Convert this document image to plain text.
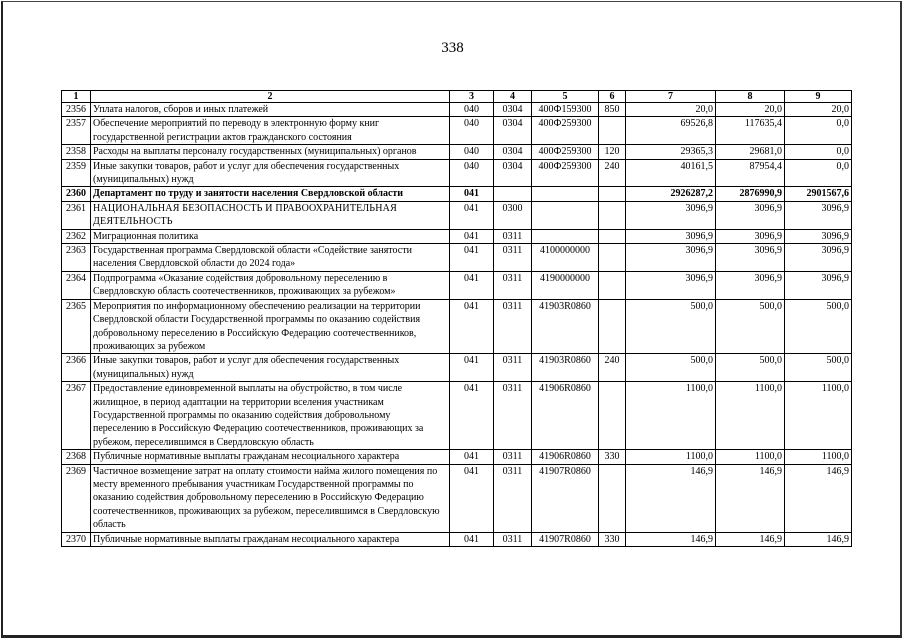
338
1	2	3	4	5	6	7	8	9
2356	Уплата налогов, сборов и иных платежей	040	0304	400Ф159300	850	20,0	20,0	20,0
2357	Обеспечение мероприятий по переводу в электронную форму книг государственной регистрации актов гражданского состояния	040	0304	400Ф259300		69526,8	117635,4	0,0
2358	Расходы на выплаты персоналу государственных (муниципальных) органов	040	0304	400Ф259300	120	29365,3	29681,0	0,0
2359	Иные закупки товаров, работ и услуг для обеспечения государственных (муниципальных) нужд	040	0304	400Ф259300	240	40161,5	87954,4	0,0
2360	Департамент по труду и занятости населения Свердловской области	041				2926287,2	2876990,9	2901567,6
2361	НАЦИОНАЛЬНАЯ БЕЗОПАСНОСТЬ И ПРАВООХРАНИТЕЛЬНАЯ ДЕЯТЕЛЬНОСТЬ	041	0300			3096,9	3096,9	3096,9
2362	Миграционная политика	041	0311			3096,9	3096,9	3096,9
2363	Государственная программа Свердловской области «Содействие занятости населения Свердловской области до 2024 года»	041	0311	4100000000		3096,9	3096,9	3096,9
2364	Подпрограмма «Оказание содействия добровольному переселению в Свердловскую область соотечественников, проживающих за рубежом»	041	0311	4190000000		3096,9	3096,9	3096,9
2365	Мероприятия по информационному обеспечению реализации на территории Свердловской области Государственной программы по оказанию содействия добровольному переселению в Российскую Федерацию соотечественников, проживающих за рубежом	041	0311	41903R0860		500,0	500,0	500,0
2366	Иные закупки товаров, работ и услуг для обеспечения государственных (муниципальных) нужд	041	0311	41903R0860	240	500,0	500,0	500,0
2367	Предоставление единовременной выплаты на обустройство, в том числе жилищное, в период адаптации на территории вселения участникам Государственной программы по оказанию содействия добровольному переселению в Российскую Федерацию соотечественников, проживающих за рубежом, переселившимся в Свердловскую область	041	0311	41906R0860		1100,0	1100,0	1100,0
2368	Публичные нормативные выплаты гражданам несоциального характера	041	0311	41906R0860	330	1100,0	1100,0	1100,0
2369	Частичное возмещение затрат на оплату стоимости найма жилого помещения по месту временного пребывания участникам Государственной программы по оказанию содействия добровольному переселению в Российскую Федерацию соотечественников, проживающих за рубежом, переселившимся в Свердловскую область	041	0311	41907R0860		146,9	146,9	146,9
2370	Публичные нормативные выплаты гражданам несоциального характера	041	0311	41907R0860	330	146,9	146,9	146,9
